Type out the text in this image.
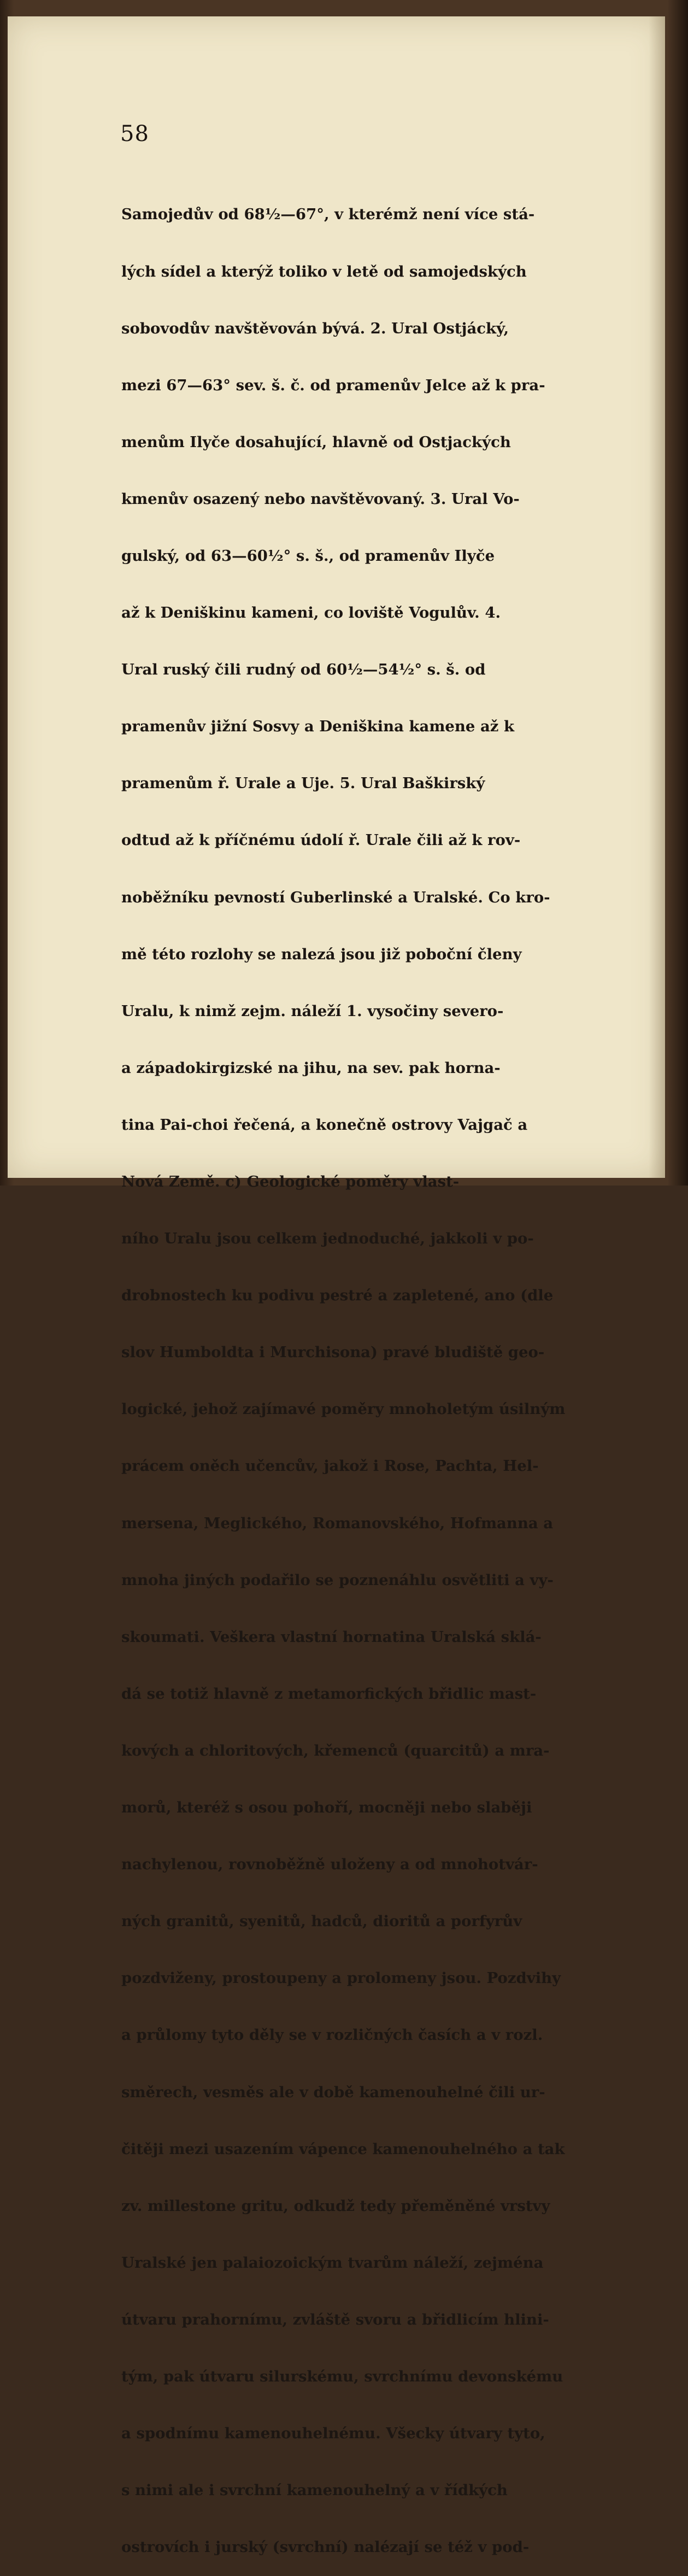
58

Samojedův od 68½—67°, v kterémž není více stá-

lých sídel a kterýž toliko v letě od samojedských

sobovodův navštěvován bývá. 2. Ural Ostjácký,

mezi 67—63° sev. š. č. od pramenův Jelce až k pra-

menům Ilyče dosahující, hlavně od Ostjackých

kmenův osazený nebo navštěvovaný. 3. Ural Vo-

gulský, od 63—60½° s. š., od pramenův Ilyče

až k Deniškinu kameni, co loviště Vogulův. 4.

Ural ruský čili rudný od 60½—54½° s. š. od

pramenův jižní Sosvy a Deniškina kamene až k

pramenům ř. Urale a Uje. 5. Ural Baškirský

odtud až k příčnému údolí ř. Urale čili až k rov-

noběžníku pevností Guberlinské a Uralské. Co kro-

mě této rozlohy se nalezá jsou již poboční členy

Uralu, k nimž zejm. náleží 1. vysočiny severo-

a západokirgizské na jihu, na sev. pak horna-

tina Pai-choi řečená, a konečně ostrovy Vajgač a

Nová Země. c) Geologické poměry vlast-

ního Uralu jsou celkem jednoduché, jakkoli v po-

drobnostech ku podivu pestré a zapletené, ano (dle

slov Humboldta i Murchisona) pravé bludiště geo-

logické, jehož zajímavé poměry mnoholetým úsilným

prácem oněch učencův, jakož i Rose, Pachta, Hel-

mersena, Meglického, Romanovského, Hofmanna a

mnoha jiných podařilo se poznenáhlu osvětliti a vy-

skoumati. Veškera vlastní hornatina Uralská sklá-

dá se totiž hlavně z metamorfických břidlic mast-

kových a chloritových, křemenců (quarcitů) a mra-

morů, kteréž s osou pohoří, mocněji nebo slaběji

nachylenou, rovnoběžně uloženy a od mnohotvár-

ných granitů, syenitů, hadců, dioritů a porfyrův

pozdviženy, prostoupeny a prolomeny jsou. Pozdvihy

a průlomy tyto děly se v rozličných časích a v rozl.

směrech, vesměs ale v době kamenouhelné čili ur-

čitěji mezi usazením vápence kamenouhelného a tak

zv. millestone gritu, odkudž tedy přeměněné vrstvy

Uralské jen palaiozoickým tvarům náleží, zejména

útvaru prahornímu, zvláště svoru a břidlicím hlini-

tým, pak útvaru silurskému, svrchnímu devonskému

a spodnímu kamenouhelnému. Všecky útvary tyto,

s nimi ale i svrchní kamenouhelný a v řídkých

ostrovích i jurský (svrchní) nalézají se též v pod-
